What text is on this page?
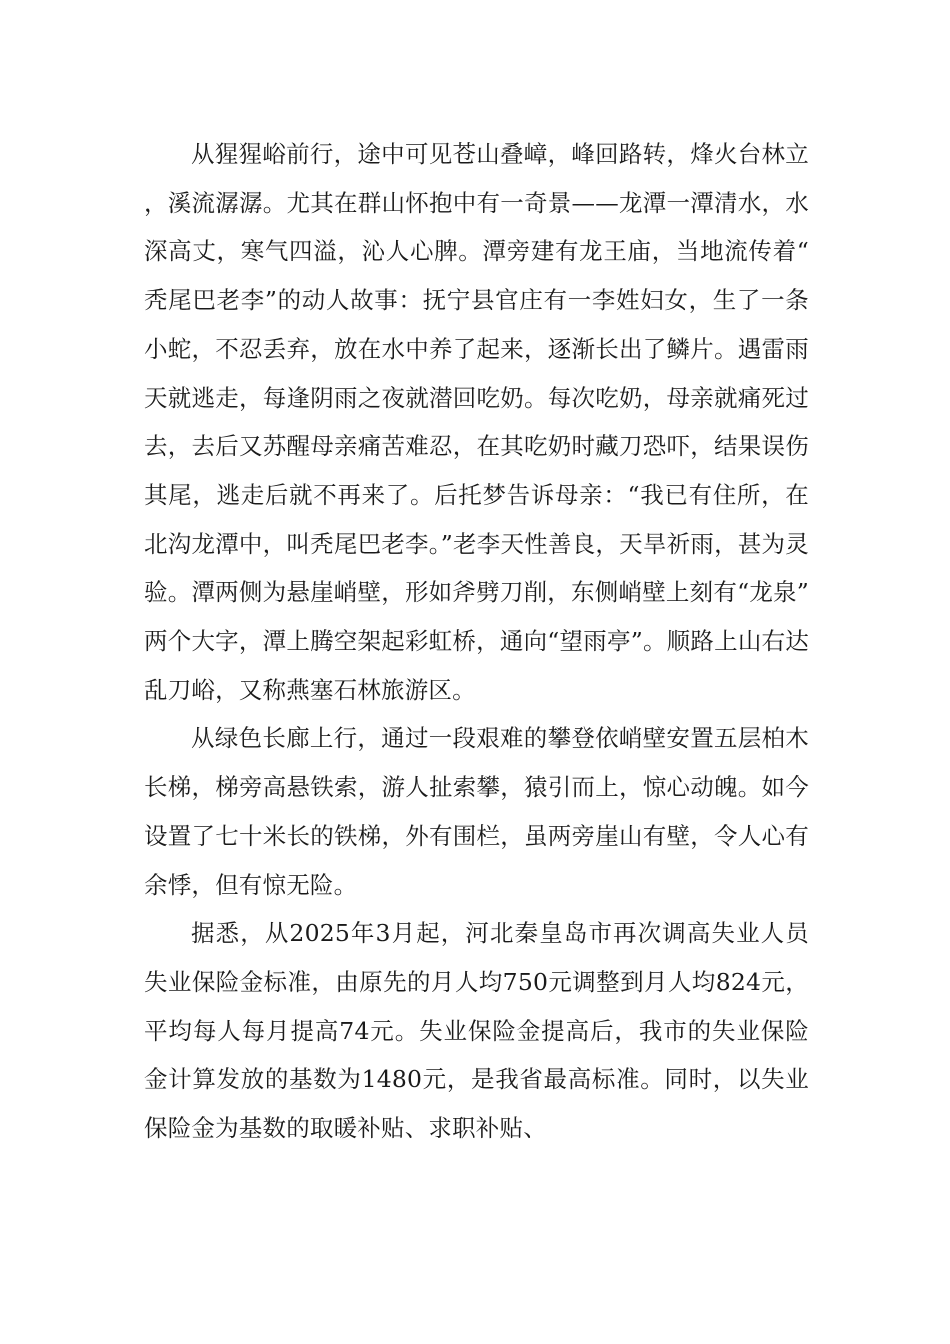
从猩猩峪前行，途中可见苍山叠嶂，峰回路转，烽火台林立，溪流潺潺。尤其在群山怀抱中有一奇景——龙潭一潭清水，水深高丈，寒气四溢，沁人心脾。潭旁建有龙王庙，当地流传着“秃尾巴老李”的动人故事：抚宁县官庄有一李姓妇女，生了一条小蛇，不忍丢弃，放在水中养了起来，逐渐长出了鳞片。遇雷雨天就逃走，每逢阴雨之夜就潜回吃奶。每次吃奶，母亲就痛死过去，去后又苏醒母亲痛苦难忍，在其吃奶时藏刀恐吓，结果误伤其尾，逃走后就不再来了。后托梦告诉母亲：“我已有住所，在北沟龙潭中，叫秃尾巴老李。”老李天性善良，天旱祈雨，甚为灵验。潭两侧为悬崖峭壁，形如斧劈刀削，东侧峭壁上刻有“龙泉”两个大字，潭上腾空架起彩虹桥，通向“望雨亭”。顺路上山右达乱刀峪，又称燕塞石林旅游区。

从绿色长廊上行，通过一段艰难的攀登依峭壁安置五层柏木长梯，梯旁高悬铁索，游人扯索攀，猿引而上，惊心动魄。如今设置了七十米长的铁梯，外有围栏，虽两旁崖山有壁，令人心有余悸，但有惊无险。

据悉，从2025年3月起，河北秦皇岛市再次调高失业人员失业保险金标准，由原先的月人均750元调整到月人均824元，平均每人每月提高74元。失业保险金提高后，我市的失业保险金计算发放的基数为1480元，是我省最高标准。同时，以失业保险金为基数的取暖补贴、求职补贴、
